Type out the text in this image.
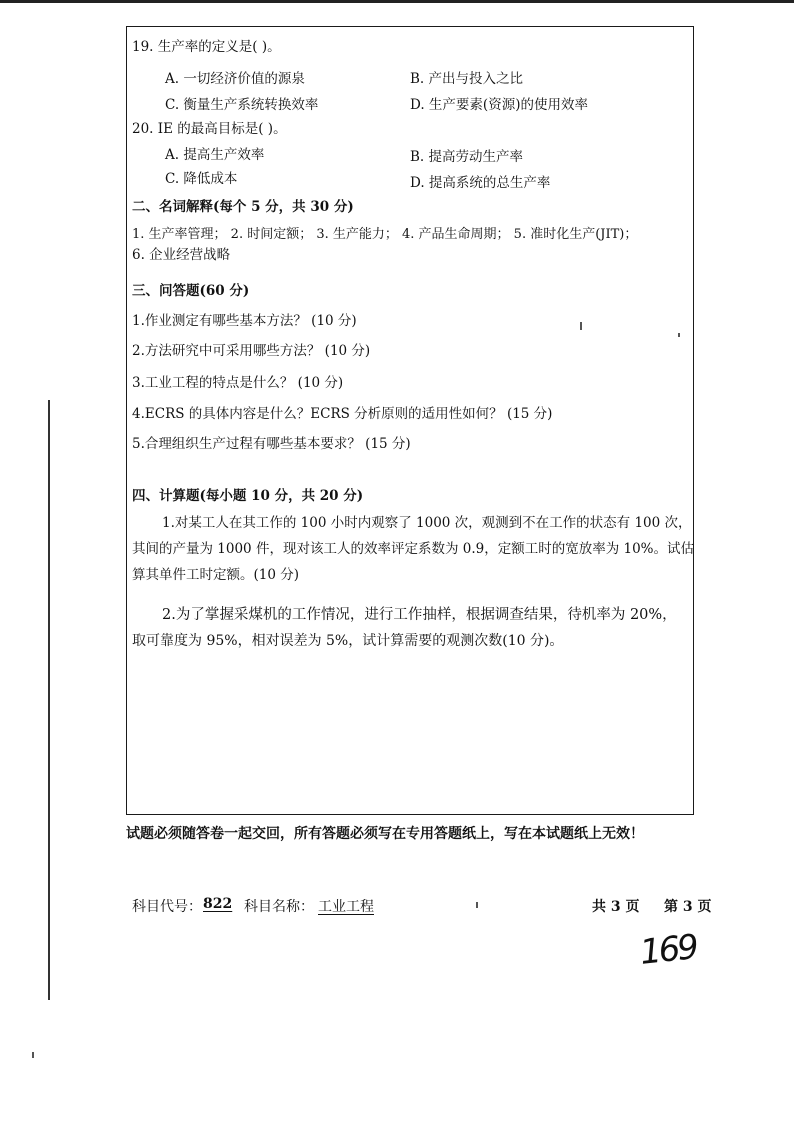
19. 生产率的定义是( )。
A. 一切经济价值的源泉	B. 产出与投入之比
C. 衡量生产系统转换效率	D. 生产要素(资源)的使用效率
20. IE 的最高目标是( )。
A. 提高生产效率	B. 提高劳动生产率
C. 降低成本	D. 提高系统的总生产率
二、名词解释(每个 5 分，共 30 分)
1. 生产率管理； 2. 时间定额； 3. 生产能力； 4. 产品生命周期； 5. 准时化生产(JIT)；
6. 企业经营战略
三、问答题(60 分)
1.作业测定有哪些基本方法？ (10 分)
2.方法研究中可采用哪些方法？ (10 分)
3.工业工程的特点是什么？ (10 分)
4.ECRS 的具体内容是什么？ECRS 分析原则的适用性如何？ (15 分)
5.合理组织生产过程有哪些基本要求？ (15 分)
四、计算题(每小题 10 分，共 20 分)
1.对某工人在其工作的 100 小时内观察了 1000 次，观测到不在工作的状态有 100 次，
其间的产量为 1000 件，现对该工人的效率评定系数为 0.9，定额工时的宽放率为 10%。试估
算其单件工时定额。(10 分)
2.为了掌握采煤机的工作情况，进行工作抽样，根据调查结果，待机率为 20%，
取可靠度为 95%，相对误差为 5%，试计算需要的观测次数(10 分)。
试题必须随答卷一起交回，所有答题必须写在专用答题纸上，写在本试题纸上无效！
科目代号： 822 科目名称： 工业工程	共 3 页 第 3 页
169
